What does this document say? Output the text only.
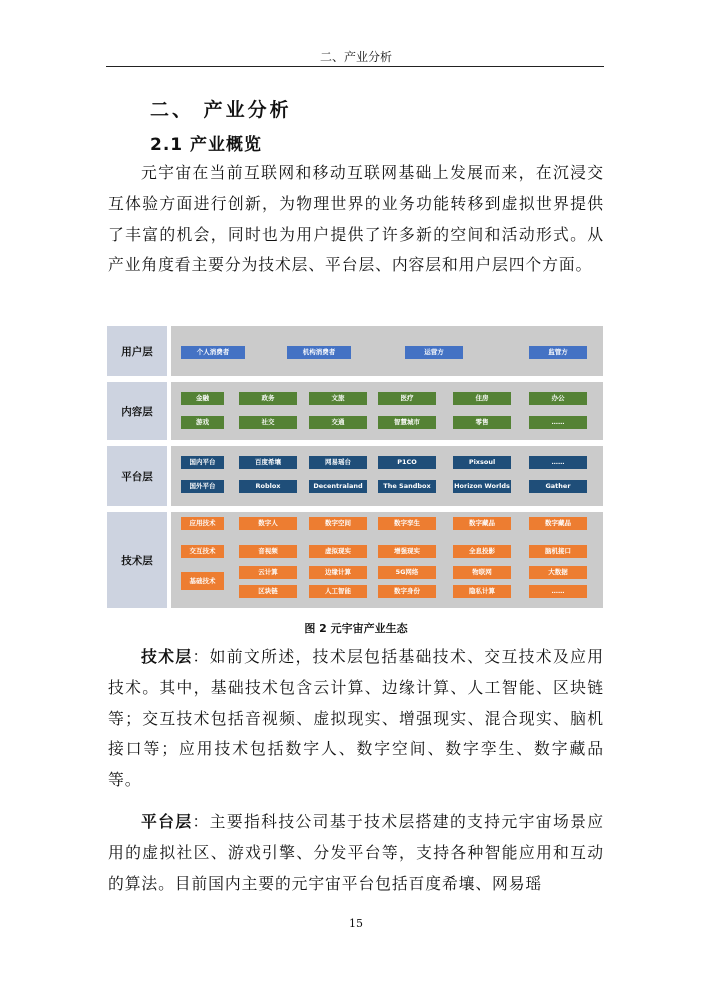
二、产业分析
二、 产业分析
2.1 产业概览

元宇宙在当前互联网和移动互联网基础上发展而来，在沉浸交互体验方面进行创新，为物理世界的业务功能转移到虚拟世界提供了丰富的机会，同时也为用户提供了许多新的空间和活动形式。从产业角度看主要分为技术层、平台层、内容层和用户层四个方面。

用户层	个人消费者	机构消费者	运营方	监管方
内容层
金融	政务	文旅	医疗	住房	办公
游戏	社交	交通	智慧城市	零售	……
平台层
国内平台	百度希壤	网易瑶台	P1CO	Pixsoul	……
国外平台	Roblox	Decentraland	The Sandbox	Horizon Worlds	Gather
技术层
应用技术	数字人	数字空间	数字孪生	数字藏品	数字藏品
交互技术	音视频	虚拟现实	增强现实	全息投影	脑机接口
基础技术
云计算	边缘计算	5G网络	物联网	大数据
区块链	人工智能	数字身份	隐私计算	……
图 2 元宇宙产业生态

技术层：如前文所述，技术层包括基础技术、交互技术及应用技术。其中，基础技术包含云计算、边缘计算、人工智能、区块链等；交互技术包括音视频、虚拟现实、增强现实、混合现实、脑机接口等；应用技术包括数字人、数字空间、数字孪生、数字藏品等。

平台层：主要指科技公司基于技术层搭建的支持元宇宙场景应用的虚拟社区、游戏引擎、分发平台等，支持各种智能应用和互动的算法。目前国内主要的元宇宙平台包括百度希壤、网易瑶

15
